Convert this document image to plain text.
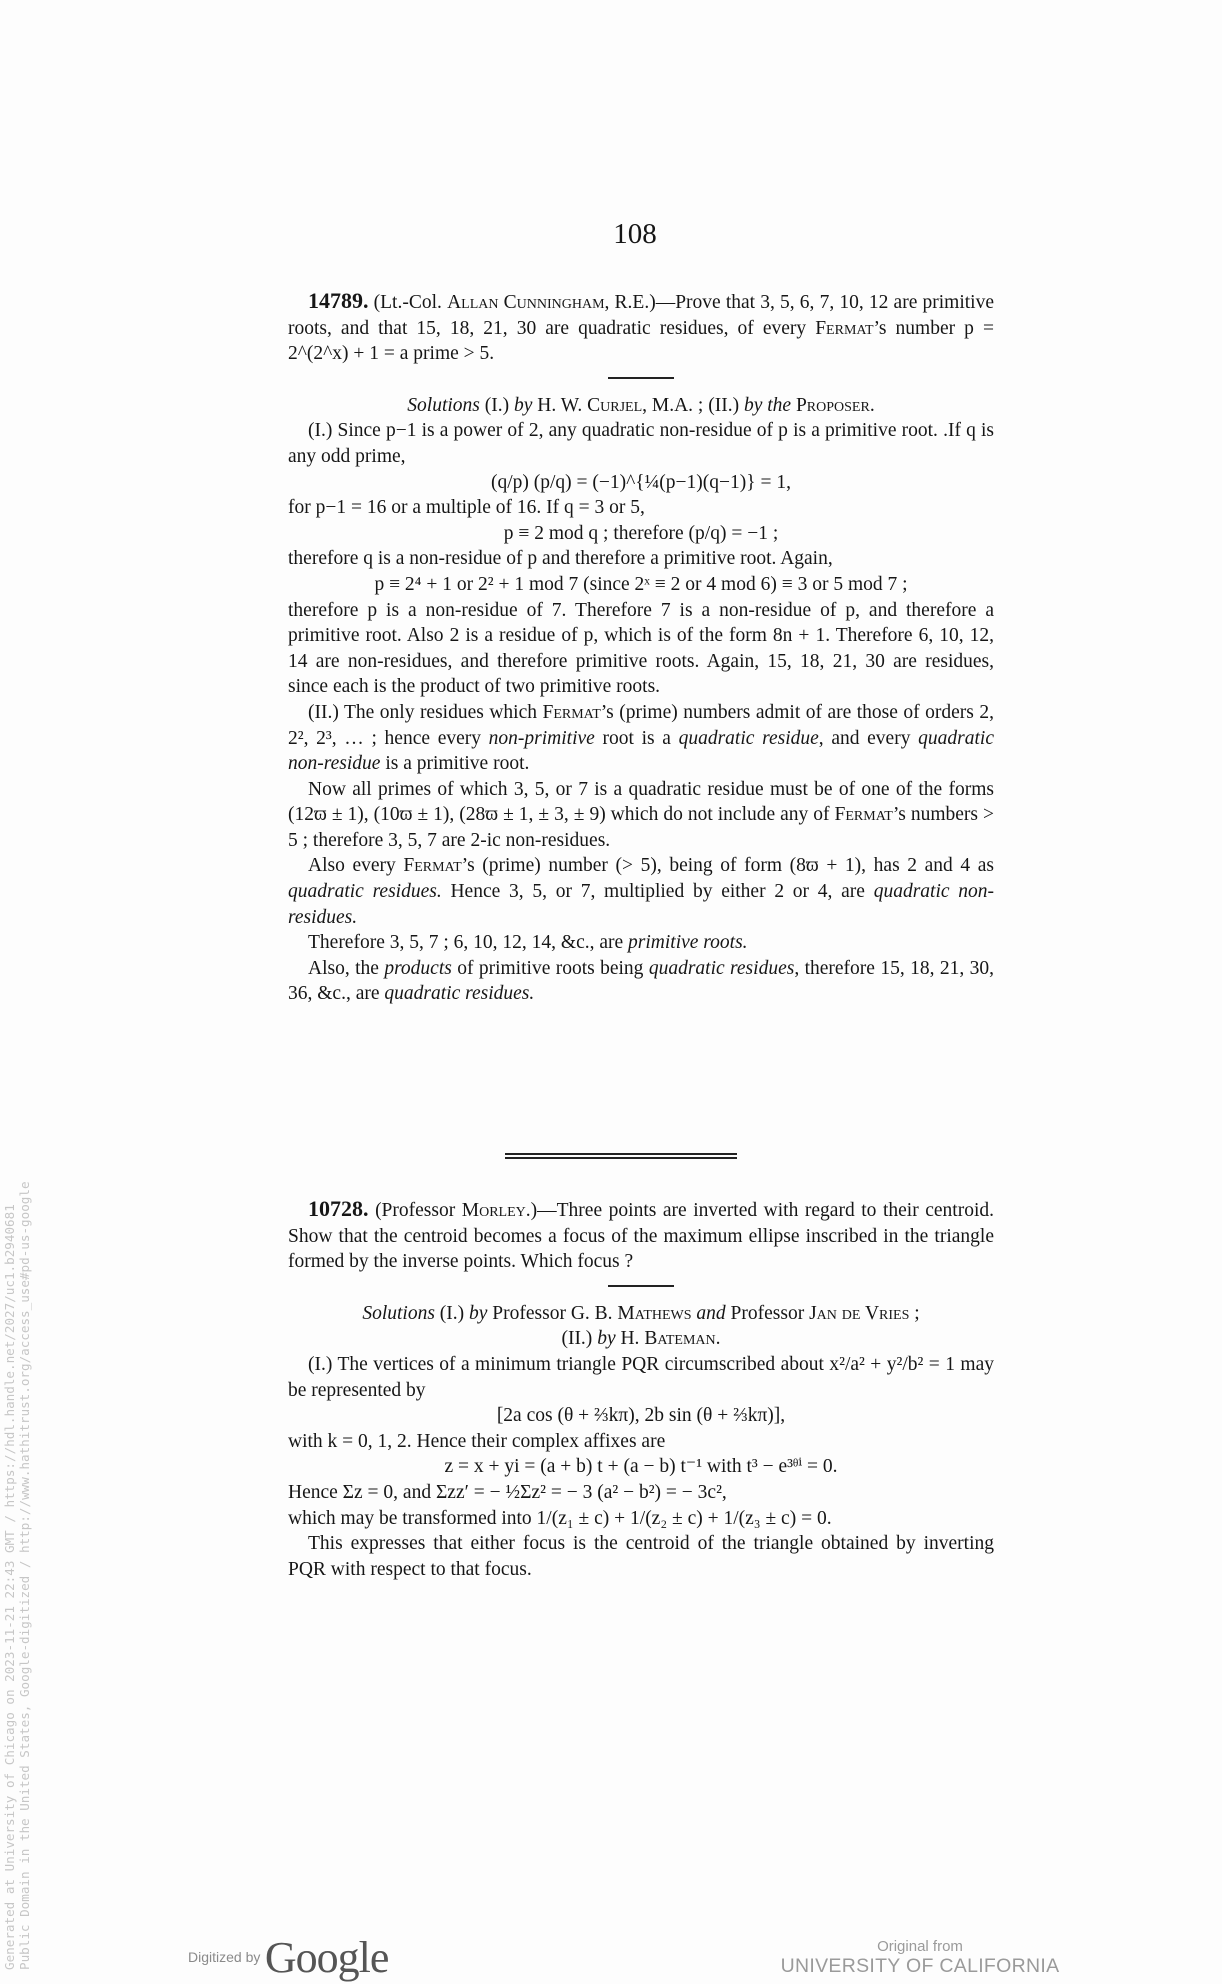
108

14789. (Lt.-Col. Allan Cunningham, R.E.)—Prove that 3, 5, 6, 7, 10, 12 are primitive roots, and that 15, 18, 21, 30 are quadratic residues, of every Fermat’s number p = 2^(2^x) + 1 = a prime > 5.

Solutions (I.) by H. W. Curjel, M.A. ; (II.) by the Proposer.

(I.) Since p−1 is a power of 2, any quadratic non-residue of p is a primitive root. .If q is any odd prime,

(q/p) (p/q) = (−1)^{¼(p−1)(q−1)} = 1,

for p−1 = 16 or a multiple of 16. If q = 3 or 5,

p ≡ 2 mod q ; therefore (p/q) = −1 ;

therefore q is a non-residue of p and therefore a primitive root. Again,

p ≡ 2⁴ + 1 or 2² + 1 mod 7 (since 2ˣ ≡ 2 or 4 mod 6) ≡ 3 or 5 mod 7 ;

therefore p is a non-residue of 7. Therefore 7 is a non-residue of p, and therefore a primitive root. Also 2 is a residue of p, which is of the form 8n + 1. Therefore 6, 10, 12, 14 are non-residues, and therefore primitive roots. Again, 15, 18, 21, 30 are residues, since each is the product of two primitive roots.

(II.) The only residues which Fermat’s (prime) numbers admit of are those of orders 2, 2², 2³, … ; hence every non-primitive root is a quadratic residue, and every quadratic non-residue is a primitive root.

Now all primes of which 3, 5, or 7 is a quadratic residue must be of one of the forms (12ϖ ± 1), (10ϖ ± 1), (28ϖ ± 1, ± 3, ± 9) which do not include any of Fermat’s numbers > 5 ; therefore 3, 5, 7 are 2-ic non-residues.

Also every Fermat’s (prime) number (> 5), being of form (8ϖ + 1), has 2 and 4 as quadratic residues. Hence 3, 5, or 7, multiplied by either 2 or 4, are quadratic non-residues.

Therefore 3, 5, 7 ; 6, 10, 12, 14, &c., are primitive roots.

Also, the products of primitive roots being quadratic residues, therefore 15, 18, 21, 30, 36, &c., are quadratic residues.

10728. (Professor Morley.)—Three points are inverted with regard to their centroid. Show that the centroid becomes a focus of the maximum ellipse inscribed in the triangle formed by the inverse points. Which focus ?

Solutions (I.) by Professor G. B. Mathews and Professor Jan de Vries ;
(II.) by H. Bateman.

(I.) The vertices of a minimum triangle PQR circumscribed about x²/a² + y²/b² = 1 may be represented by

[2a cos (θ + ⅔kπ), 2b sin (θ + ⅔kπ)],

with k = 0, 1, 2. Hence their complex affixes are

z = x + yi = (a + b) t + (a − b) t⁻¹ with t³ − e³ᶿⁱ = 0.

Hence Σz = 0, and Σzz′ = − ½Σz² = − 3 (a² − b²) = − 3c²,

which may be transformed into 1/(z₁ ± c) + 1/(z₂ ± c) + 1/(z₃ ± c) = 0.

This expresses that either focus is the centroid of the triangle obtained by inverting PQR with respect to that focus.

Generated at University of Chicago on 2023-11-21 22:43 GMT / https://hdl.handle.net/2027/uc1.b2940681 Public Domain in the United States, Google-digitized / http://www.hathitrust.org/access_use#pd-us-google	Digitized by Google	Original from
UNIVERSITY OF CALIFORNIA
